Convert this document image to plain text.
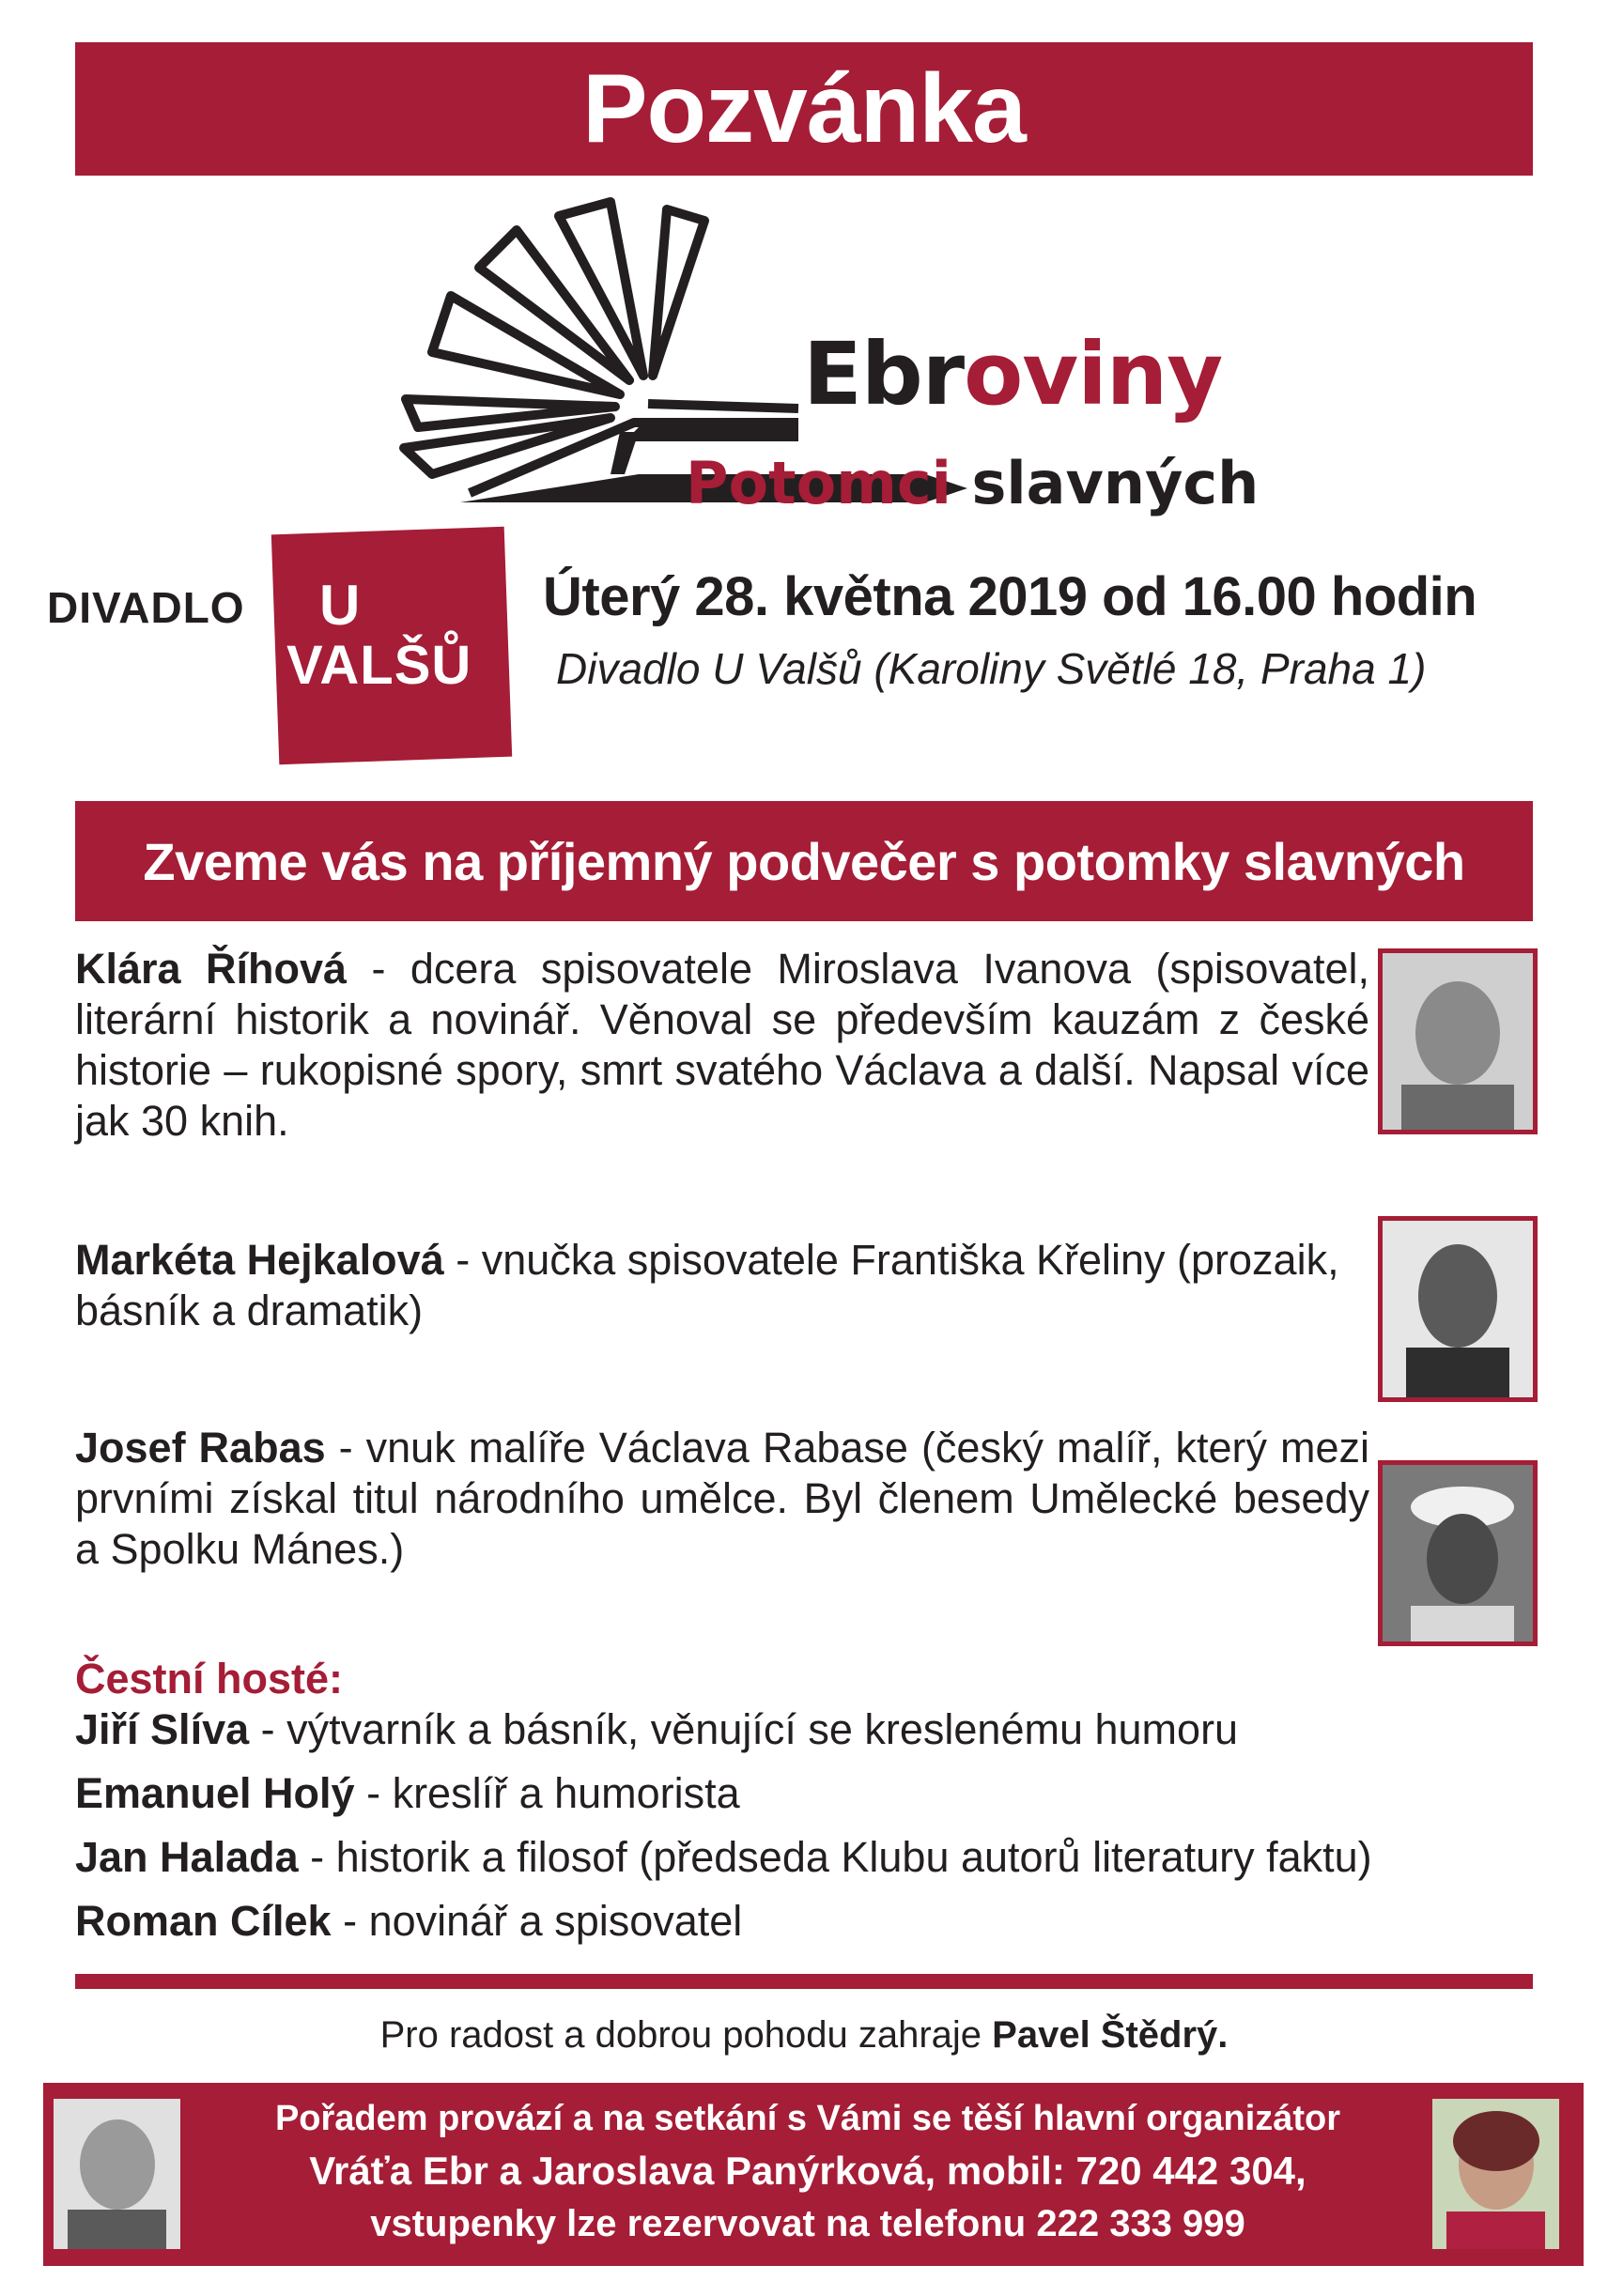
Pozvánka
Ebroviny
Potomci slavných
DIVADLO U
VALŠŮ
Úterý 28. května 2019 od 16.00 hodin
Divadlo U Valšů (Karoliny Světlé 18, Praha 1)
Zveme vás na příjemný podvečer s potomky slavných
Klára Říhová - dcera spisovatele Miroslava Ivanova (spisovatel, literární historik a novinář. Věnoval se především kauzám z české historie – rukopisné spory, smrt svatého Václava a další. Napsal více jak 30 knih.
Markéta Hejkalová - vnučka spisovatele Františka Křeliny (prozaik, básník a dramatik)
Josef Rabas - vnuk malíře Václava Rabase (český malíř, který mezi prvními získal titul národního umělce. Byl členem Umělecké besedy a Spolku Mánes.)
Čestní hosté:
Jiří Slíva - výtvarník a básník, věnující se kreslenému humoru
Emanuel Holý - kreslíř a humorista
Jan Halada - historik a filosof (předseda Klubu autorů literatury faktu)
Roman Cílek - novinář a spisovatel
Pro radost a dobrou pohodu zahraje Pavel Štědrý.
Pořadem provází a na setkání s Vámi se těší hlavní organizátor
Vráťa Ebr a Jaroslava Panýrková, mobil: 720 442 304,
vstupenky lze rezervovat na telefonu 222 333 999
